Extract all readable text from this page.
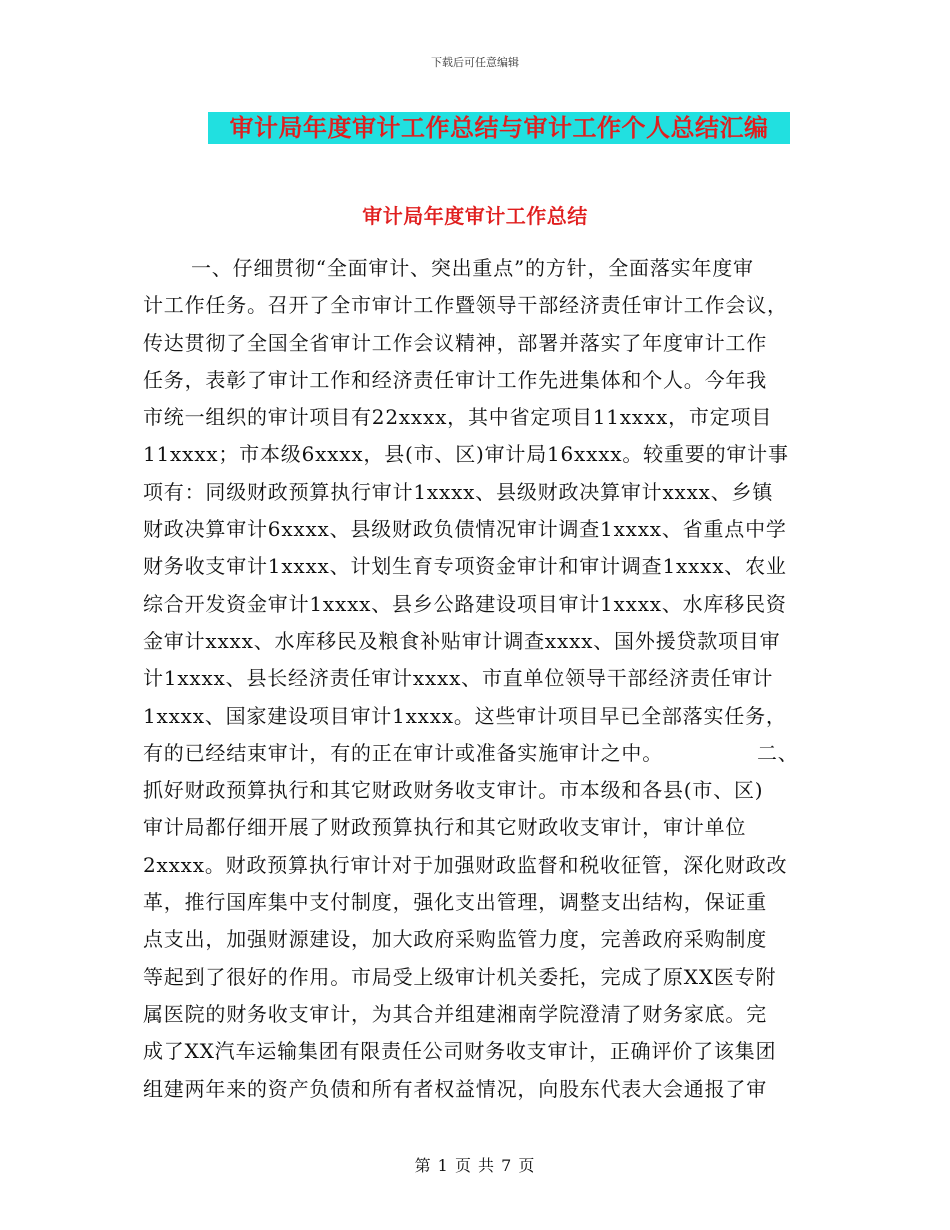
下载后可任意编辑
审计局年度审计工作总结与审计工作个人总结汇编
审计局年度审计工作总结
一、仔细贯彻“全面审计、突出重点”的方针，全面落实年度审
计工作任务。召开了全市审计工作暨领导干部经济责任审计工作会议，
传达贯彻了全国全省审计工作会议精神，部署并落实了年度审计工作
任务，表彰了审计工作和经济责任审计工作先进集体和个人。今年我
市统一组织的审计项目有22xxxx，其中省定项目11xxxx，市定项目
11xxxx；市本级6xxxx，县(市、区)审计局16xxxx。较重要的审计事
项有：同级财政预算执行审计1xxxx、县级财政决算审计xxxx、乡镇
财政决算审计6xxxx、县级财政负债情况审计调查1xxxx、省重点中学
财务收支审计1xxxx、计划生育专项资金审计和审计调查1xxxx、农业
综合开发资金审计1xxxx、县乡公路建设项目审计1xxxx、水库移民资
金审计xxxx、水库移民及粮食补贴审计调查xxxx、国外援贷款项目审
计1xxxx、县长经济责任审计xxxx、市直单位领导干部经济责任审计
1xxxx、国家建设项目审计1xxxx。这些审计项目早已全部落实任务，
有的已经结束审计，有的正在审计或准备实施审计之中。　　　　　二、
抓好财政预算执行和其它财政财务收支审计。市本级和各县(市、区)
审计局都仔细开展了财政预算执行和其它财政收支审计，审计单位
2xxxx。财政预算执行审计对于加强财政监督和税收征管，深化财政改
革，推行国库集中支付制度，强化支出管理，调整支出结构，保证重
点支出，加强财源建设，加大政府采购监管力度，完善政府采购制度
等起到了很好的作用。市局受上级审计机关委托，完成了原XX医专附
属医院的财务收支审计，为其合并组建湘南学院澄清了财务家底。完
成了XX汽车运输集团有限责任公司财务收支审计，正确评价了该集团
组建两年来的资产负债和所有者权益情况，向股东代表大会通报了审
第 1 页 共 7 页
